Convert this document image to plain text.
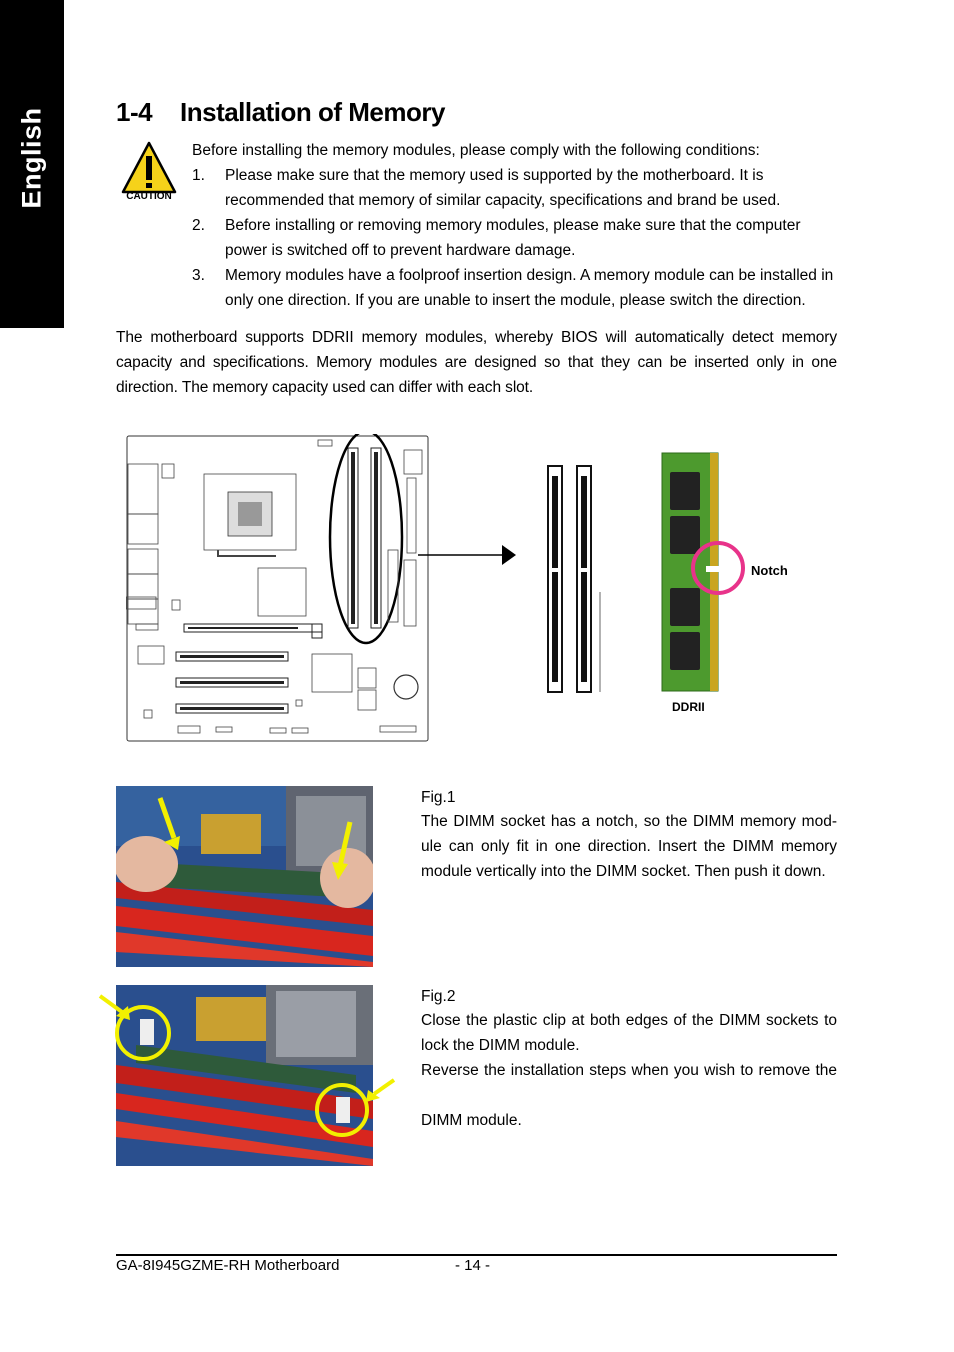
English	1-4 Installation of Memory
CAUTION
Before installing the memory modules, please comply with the following conditions:
1. Please make sure that the memory used is supported by the motherboard. It is recommended that memory of similar capacity, specifications and brand be used.
2. Before installing or removing memory modules, please make sure that the computer power is switched off to prevent hardware damage.
3. Memory modules have a foolproof insertion design. A memory module can be installed in only one direction. If you are unable to insert the module, please switch the direction.
The motherboard supports DDRII memory modules, whereby BIOS will automatically detect memory capacity and specifications. Memory modules are designed so that they can be inserted only in one direction. The memory capacity used can differ with each slot.
Notch
DDRII
Fig.1
The DIMM socket has a notch, so the DIMM memory mod-ule can only fit in one direction. Insert the DIMM memory module vertically into the DIMM socket. Then push it down.
Fig.2
Close the plastic clip at both edges of the DIMM sockets to lock the DIMM module.
Reverse the installation steps when you wish to remove the
DIMM module.
GA-8I945GZME-RH Motherboard	- 14 -
